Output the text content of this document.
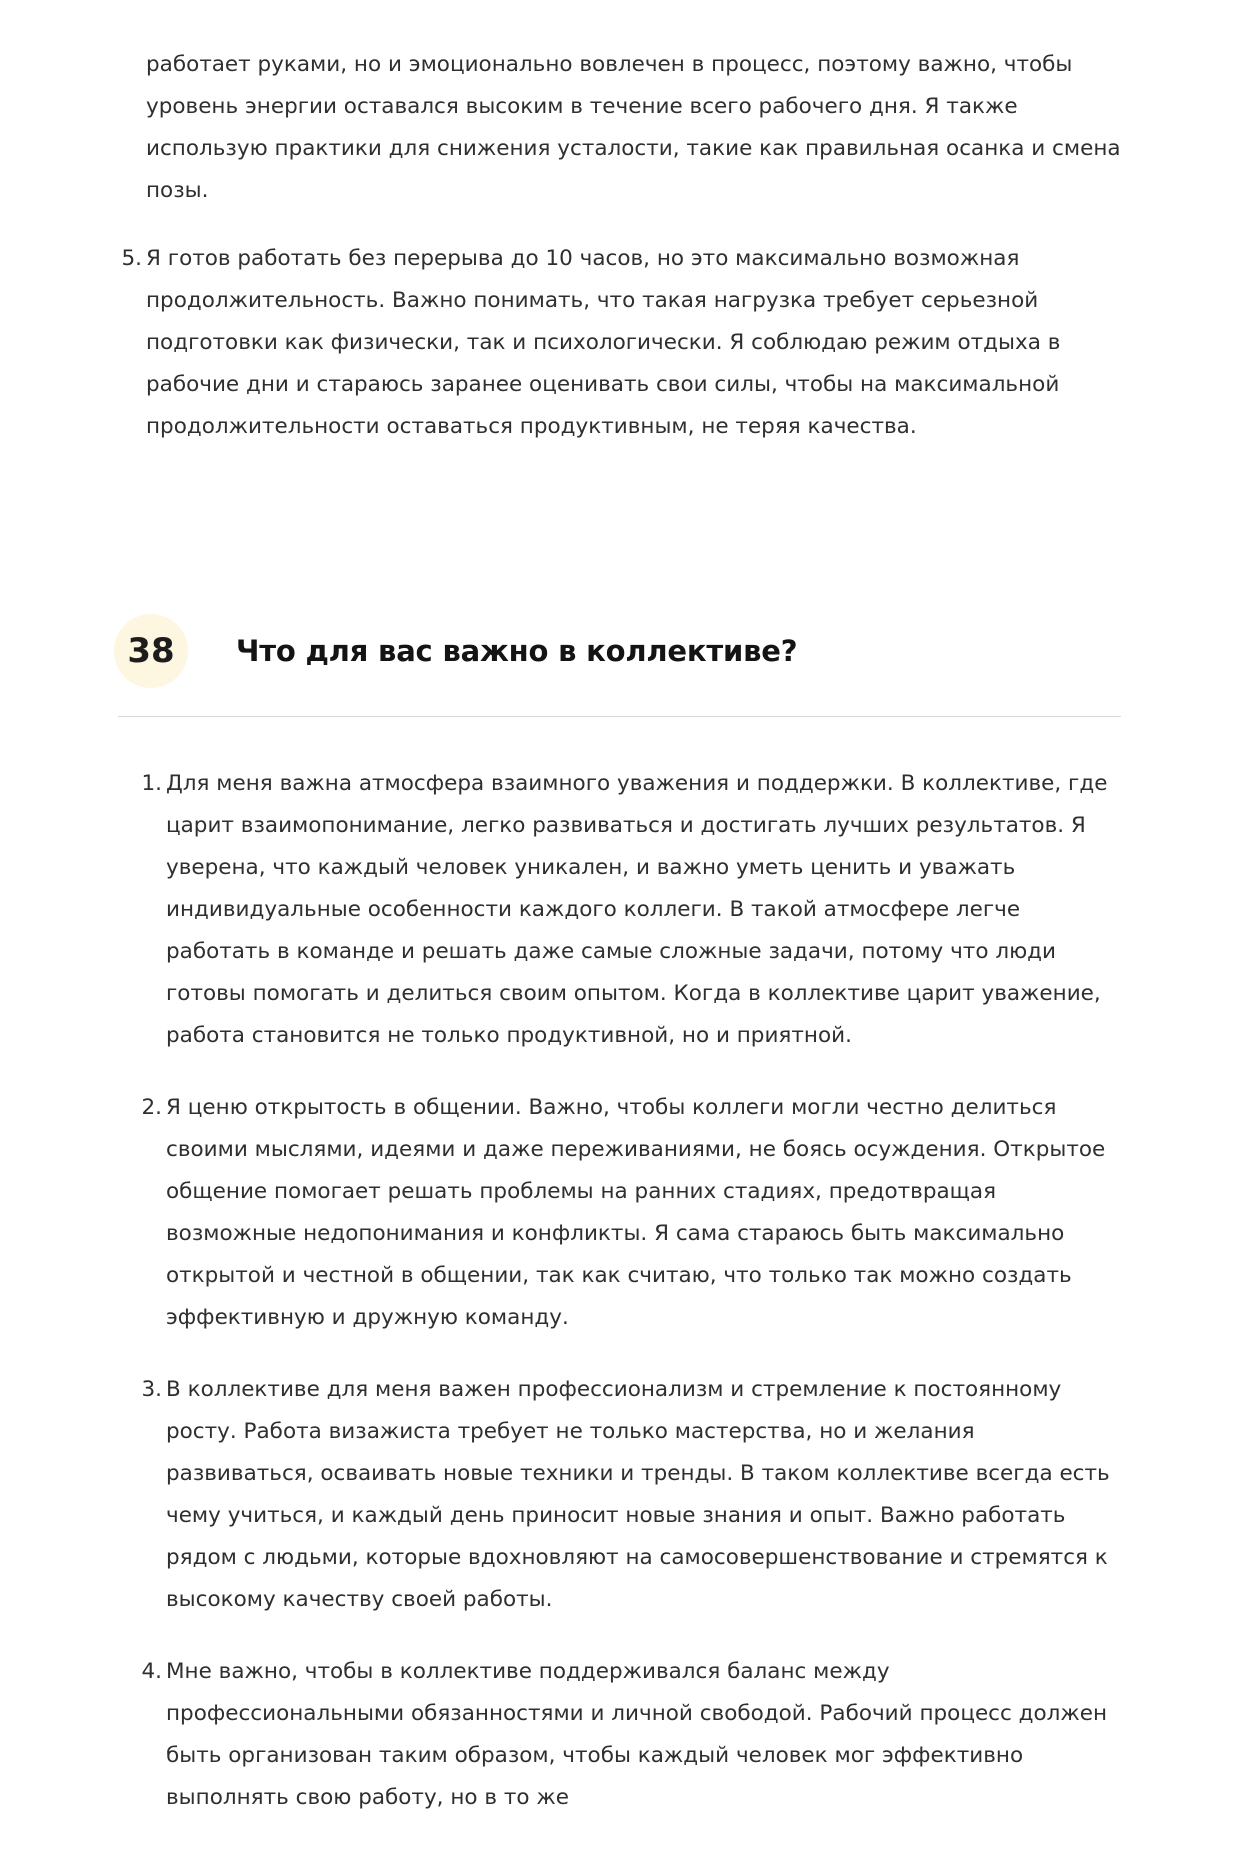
работает руками, но и эмоционально вовлечен в процесс, поэтому важно, чтобы уровень энергии оставался высоким в течение всего рабочего дня. Я также использую практики для снижения усталости, такие как правильная осанка и смена позы.

Я готов работать без перерыва до 10 часов, но это максимально возможная продолжительность. Важно понимать, что такая нагрузка требует серьезной подготовки как физически, так и психологически. Я соблюдаю режим отдыха в рабочие дни и стараюсь заранее оценивать свои силы, чтобы на максимальной продолжительности оставаться продуктивным, не теряя качества.
38	Что для вас важно в коллективе?
Для меня важна атмосфера взаимного уважения и поддержки. В коллективе, где царит взаимопонимание, легко развиваться и достигать лучших результатов. Я уверена, что каждый человек уникален, и важно уметь ценить и уважать индивидуальные особенности каждого коллеги. В такой атмосфере легче работать в команде и решать даже самые сложные задачи, потому что люди готовы помогать и делиться своим опытом. Когда в коллективе царит уважение, работа становится не только продуктивной, но и приятной.
Я ценю открытость в общении. Важно, чтобы коллеги могли честно делиться своими мыслями, идеями и даже переживаниями, не боясь осуждения. Открытое общение помогает решать проблемы на ранних стадиях, предотвращая возможные недопонимания и конфликты. Я сама стараюсь быть максимально открытой и честной в общении, так как считаю, что только так можно создать эффективную и дружную команду.
В коллективе для меня важен профессионализм и стремление к постоянному росту. Работа визажиста требует не только мастерства, но и желания развиваться, осваивать новые техники и тренды. В таком коллективе всегда есть чему учиться, и каждый день приносит новые знания и опыт. Важно работать рядом с людьми, которые вдохновляют на самосовершенствование и стремятся к высокому качеству своей работы.
Мне важно, чтобы в коллективе поддерживался баланс между профессиональными обязанностями и личной свободой. Рабочий процесс должен быть организован таким образом, чтобы каждый человек мог эффективно выполнять свою работу, но в то же
